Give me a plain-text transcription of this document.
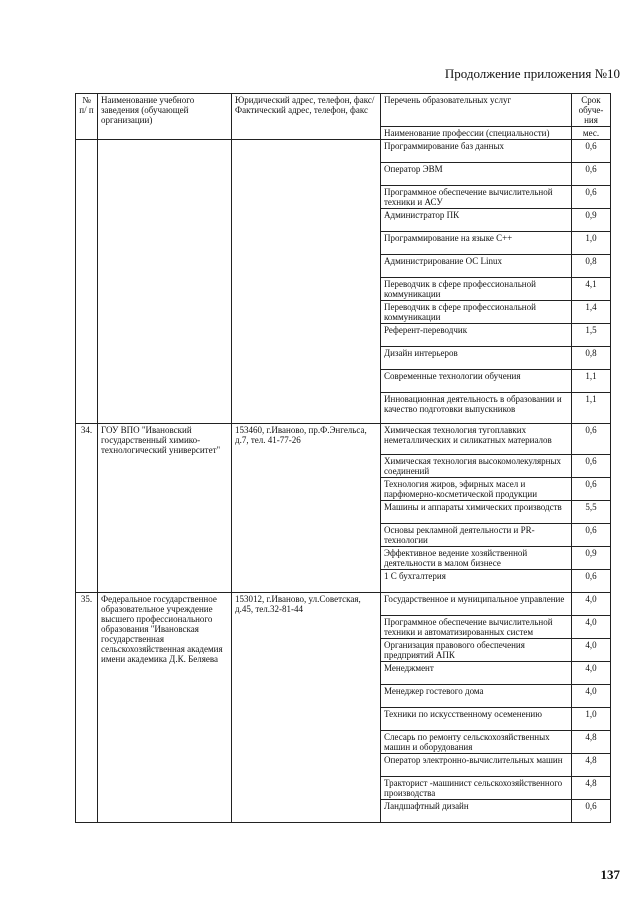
Продолжение приложения №10
№ п/ п	Наименование учебного заведения (обучающей организации)	Юридический адрес, телефон, факс/ Фактический адрес, телефон, факс	Перечень образовательных услуг	Срок обуче-ния
			Наименование профессии (специальности)	мес.
			Программирование баз данных	0,6
			Оператор ЭВМ	0,6
			Программное обеспечение вычислительной техники и АСУ	0,6
			Администратор ПК	0,9
			Программирование на языке С++	1,0
			Администрирование ОС Linux	0,8
			Переводчик в сфере профессиональной коммуникации	4,1
			Переводчик в сфере профессиональной коммуникации	1,4
			Референт-переводчик	1,5
			Дизайн интерьеров	0,8
			Современные технологии обучения	1,1
			Инновационная деятельность в образовании и качество подготовки выпускников	1,1
34.	ГОУ ВПО "Ивановский государственный химико-технологический университет"	153460, г.Иваново, пр.Ф.Энгельса, д.7, тел. 41-77-26	Химическая технология тугоплавких неметаллических и силикатных материалов	0,6
			Химическая технология высокомолекулярных соединений	0,6
			Технология жиров, эфирных масел и парфюмерно-косметической продукции	0,6
			Машины и аппараты химических производств	5,5
			Основы рекламной деятельности и PR-технологии	0,6
			Эффективное ведение хозяйственной деятельности в малом бизнесе	0,9
			1 С бухгалтерия	0,6
35.	Федеральное государственное образовательное учреждение высшего профессионального образования "Ивановская государственная сельскохозяйственная академия имени академика Д.К. Беляева	153012, г.Иваново, ул.Советская, д.45, тел.32-81-44	Государственное и муниципальное управление	4,0
			Программное обеспечение вычислительной техники и автоматизированных систем	4,0
			Организация правового обеспечения предприятий АПК	4,0
			Менеджмент	4,0
			Менеджер гостевого дома	4,0
			Техники по искусственному осеменению	1,0
			Слесарь по ремонту сельскохозяйственных машин и оборудования	4,8
			Оператор электронно-вычислительных машин	4,8
			Тракторист -машинист сельскохозяйственного производства	4,8
			Ландшафтный дизайн	0,6
137
